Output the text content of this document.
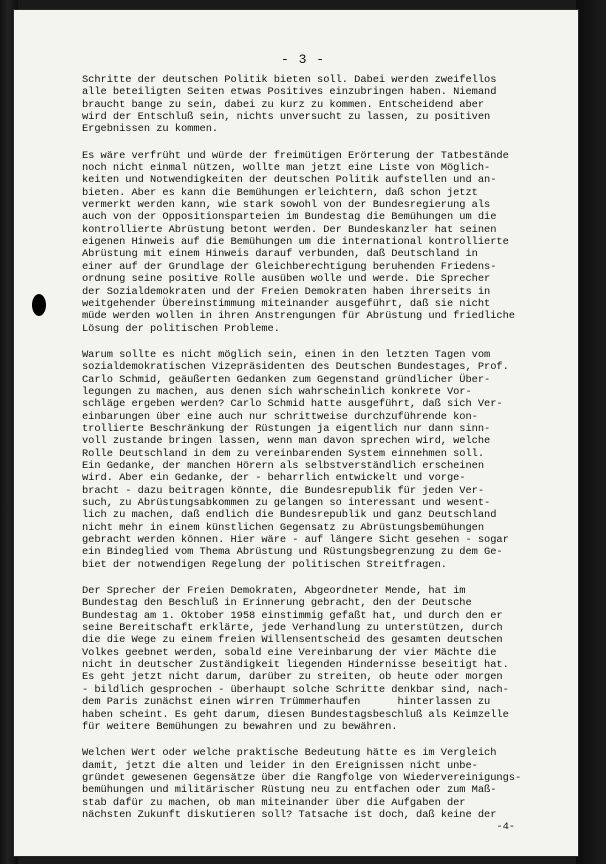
- 3 -
Schritte der deutschen Politik bieten soll. Dabei werden zweifellos
alle beteiligten Seiten etwas Positives einzubringen haben. Niemand
braucht bange zu sein, dabei zu kurz zu kommen. Entscheidend aber
wird der Entschluß sein, nichts unversucht zu lassen, zu positiven
Ergebnissen zu kommen.
Es wäre verfrüht und würde der freimütigen Erörterung der Tatbestände
noch nicht einmal nützen, wollte man jetzt eine Liste von Möglich-
keiten und Notwendigkeiten der deutschen Politik aufstellen und an-
bieten. Aber es kann die Bemühungen erleichtern, daß schon jetzt
vermerkt werden kann, wie stark sowohl von der Bundesregierung als
auch von der Oppositionsparteien im Bundestag die Bemühungen um die
kontrollierte Abrüstung betont werden. Der Bundeskanzler hat seinen
eigenen Hinweis auf die Bemühungen um die international kontrollierte
Abrüstung mit einem Hinweis darauf verbunden, daß Deutschland in
einer auf der Grundlage der Gleichberechtigung beruhenden Friedens-
ordnung seine positive Rolle ausüben wolle und werde. Die Sprecher
der Sozialdemokraten und der Freien Demokraten haben ihrerseits in
weitgehender Übereinstimmung miteinander ausgeführt, daß sie nicht
müde werden wollen in ihren Anstrengungen für Abrüstung und friedliche
Lösung der politischen Probleme.
Warum sollte es nicht möglich sein, einen in den letzten Tagen vom
sozialdemokratischen Vizepräsidenten des Deutschen Bundestages, Prof.
Carlo Schmid, geäußerten Gedanken zum Gegenstand gründlicher Über-
legungen zu machen, aus denen sich wahrscheinlich konkrete Vor-
schläge ergeben werden? Carlo Schmid hatte ausgeführt, daß sich Ver-
einbarungen über eine auch nur schrittweise durchzuführende kon-
trollierte Beschränkung der Rüstungen ja eigentlich nur dann sinn-
voll zustande bringen lassen, wenn man davon sprechen wird, welche
Rolle Deutschland in dem zu vereinbarenden System einnehmen soll.
Ein Gedanke, der manchen Hörern als selbstverständlich erscheinen
wird. Aber ein Gedanke, der - beharrlich entwickelt und vorge-
bracht - dazu beitragen könnte, die Bundesrepublik für jeden Ver-
such, zu Abrüstungsabkommen zu gelangen so interessant und wesent-
lich zu machen, daß endlich die Bundesrepublik und ganz Deutschland
nicht mehr in einem künstlichen Gegensatz zu Abrüstungsbemühungen
gebracht werden können. Hier wäre - auf längere Sicht gesehen - sogar
ein Bindeglied vom Thema Abrüstung und Rüstungsbegrenzung zu dem Ge-
biet der notwendigen Regelung der politischen Streitfragen.
Der Sprecher der Freien Demokraten, Abgeordneter Mende, hat im
Bundestag den Beschluß in Erinnerung gebracht, den der Deutsche
Bundestag am 1. Oktober 1958 einstimmig gefaßt hat, und durch den er
seine Bereitschaft erklärte, jede Verhandlung zu unterstützen, durch
die die Wege zu einem freien Willensentscheid des gesamten deutschen
Volkes geebnet werden, sobald eine Vereinbarung der vier Mächte die
nicht in deutscher Zuständigkeit liegenden Hindernisse beseitigt hat.
Es geht jetzt nicht darum, darüber zu streiten, ob heute oder morgen
- bildlich gesprochen - überhaupt solche Schritte denkbar sind, nach-
dem Paris zunächst einen wirren Trümmerhaufen      hinterlassen zu
haben scheint. Es geht darum, diesen Bundestagsbeschluß als Keimzelle
für weitere Bemühungen zu bewahren und zu bewähren.
Welchen Wert oder welche praktische Bedeutung hätte es im Vergleich
damit, jetzt die alten und leider in den Ereignissen nicht unbe-
gründet gewesenen Gegensätze über die Rangfolge von Wiedervereinigungs-
bemühungen und militärischer Rüstung neu zu entfachen oder zum Maß-
stab dafür zu machen, ob man miteinander über die Aufgaben der
nächsten Zukunft diskutieren soll? Tatsache ist doch, daß keine der
-4-
